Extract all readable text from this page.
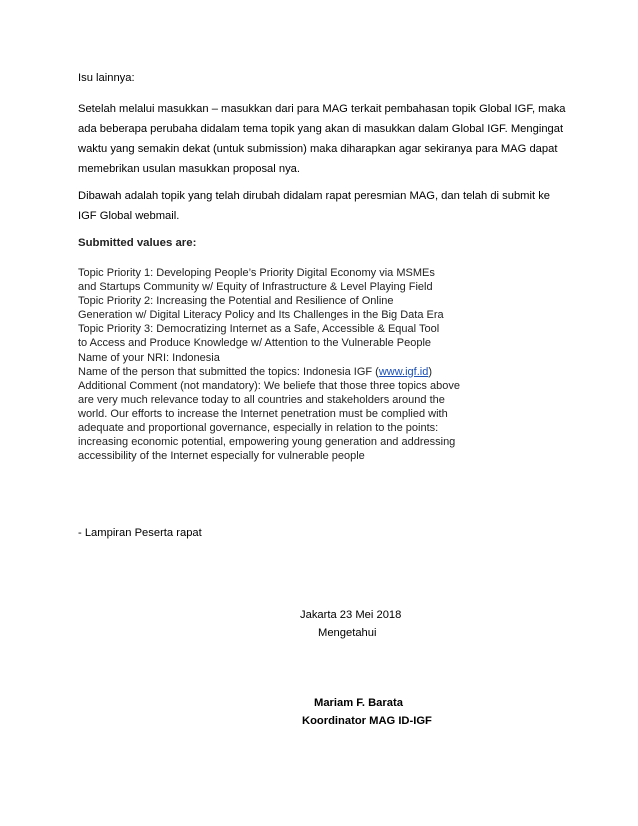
Isu lainnya:
Setelah melalui masukkan – masukkan dari para MAG terkait pembahasan topik Global IGF, maka
ada beberapa perubaha didalam tema topik yang akan di masukkan dalam Global IGF. Mengingat
waktu yang semakin dekat (untuk submission) maka diharapkan agar sekiranya para MAG dapat
memebrikan usulan masukkan proposal nya.
Dibawah adalah topik yang telah dirubah didalam rapat peresmian MAG, dan telah di submit ke
IGF Global webmail.
Submitted values are:
Topic Priority 1: Developing People’s Priority Digital Economy via MSMEs
and Startups Community w/ Equity of Infrastructure & Level Playing Field
Topic Priority 2: Increasing the Potential and Resilience of Online
Generation w/ Digital Literacy Policy and Its Challenges in the Big Data Era
Topic Priority 3: Democratizing Internet as a Safe, Accessible & Equal Tool
to Access and Produce Knowledge w/ Attention to the Vulnerable People
Name of your NRI: Indonesia
Name of the person that submitted the topics: Indonesia IGF (www.igf.id)
Additional Comment (not mandatory): We beliefe that those three topics above
are very much relevance today to all countries and stakeholders around the
world. Our efforts to increase the Internet penetration must be complied with
adequate and proportional governance, especially in relation to the points:
increasing economic potential, empowering young generation and addressing
accessibility of the Internet especially for vulnerable people
- Lampiran Peserta rapat
Jakarta 23 Mei 2018
Mengetahui
Mariam F. Barata
Koordinator MAG ID-IGF
